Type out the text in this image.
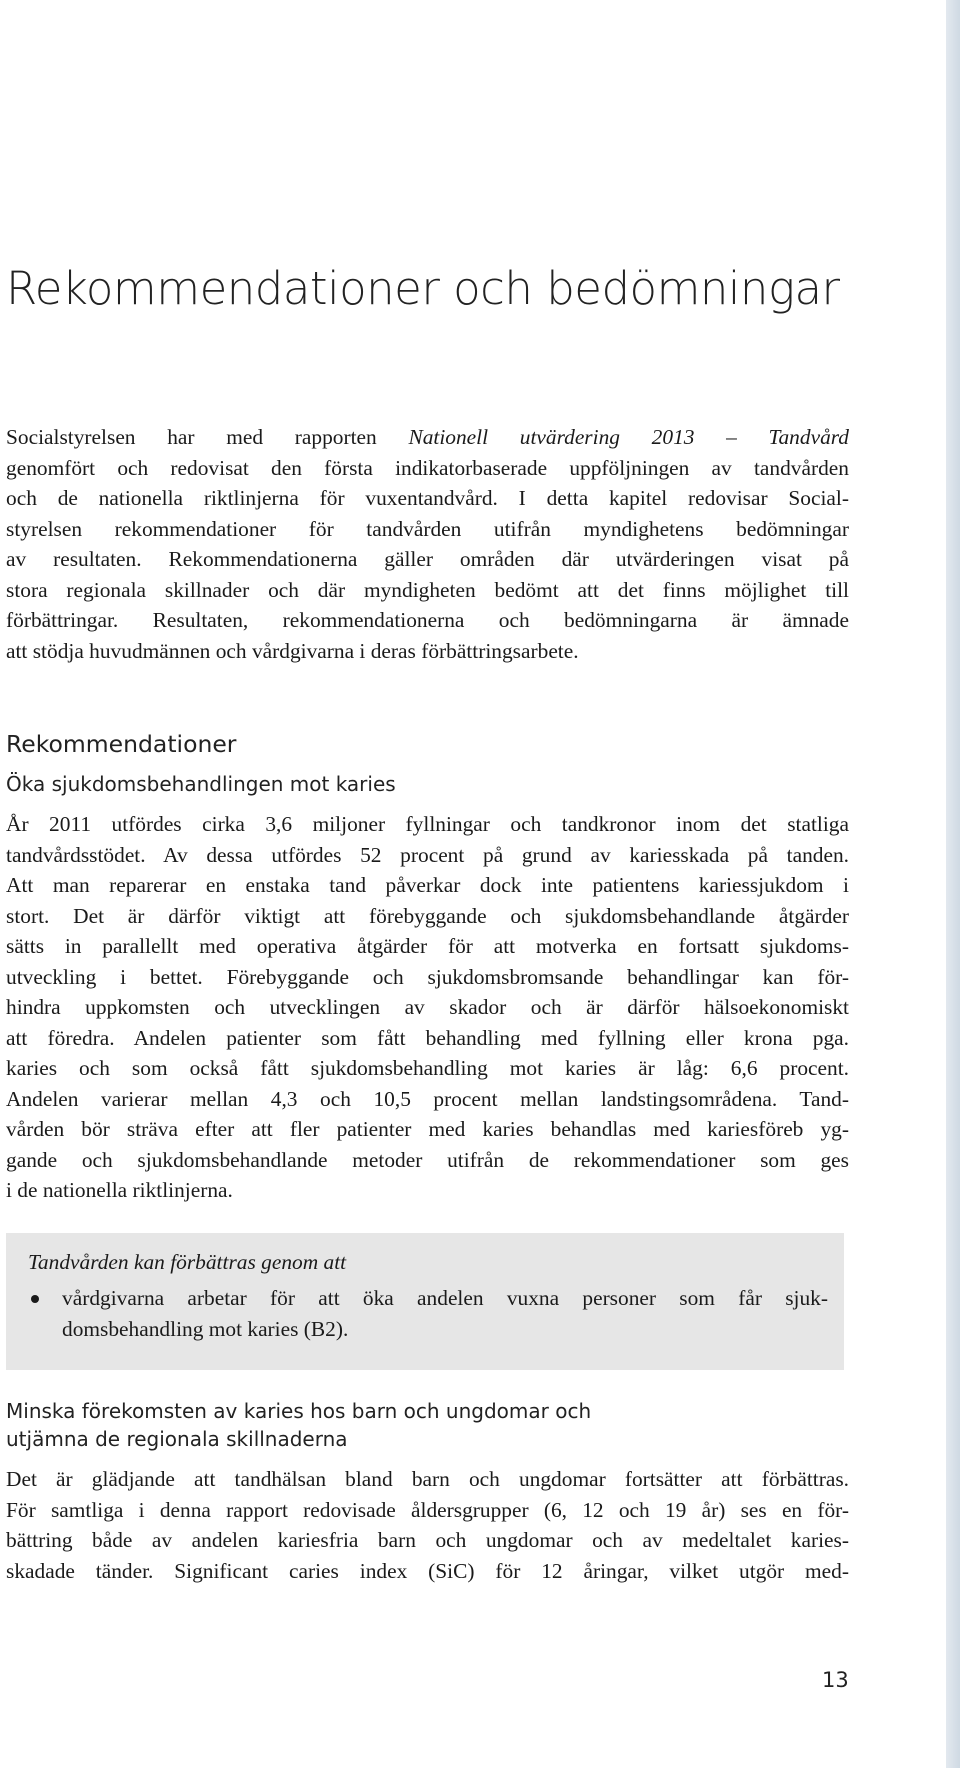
Rekommendationer och bedömningar

Socialstyrelsen har med rapporten Nationell utvärdering 2013 – Tandvård
genomfört och redovisat den första indikatorbaserade uppföljningen av tandvården
och de nationella riktlinjerna för vuxentandvård. I detta kapitel redovisar Social-
styrelsen rekommendationer för tandvården utifrån myndighetens bedömningar
av resultaten. Rekommendationerna gäller områden där utvärderingen visat på
stora regionala skillnader och där myndigheten bedömt att det finns möjlighet till
förbättringar. Resultaten, rekommendationerna och bedömningarna är ämnade
att stödja huvudmännen och vårdgivarna i deras förbättringsarbete.

Rekommendationer
Öka sjukdomsbehandlingen mot karies

År 2011 utfördes cirka 3,6 miljoner fyllningar och tandkronor inom det statliga
tandvårdsstödet. Av dessa utfördes 52 procent på grund av kariesskada på tanden.
Att man reparerar en enstaka tand påverkar dock inte patientens kariessjukdom i
stort. Det är därför viktigt att förebyggande och sjukdomsbehandlande åtgärder
sätts in parallellt med operativa åtgärder för att motverka en fortsatt sjukdoms-
utveckling i bettet. Förebyggande och sjukdomsbromsande behandlingar kan för-
hindra uppkomsten och utvecklingen av skador och är därför hälsoekonomiskt
att föredra. Andelen patienter som fått behandling med fyllning eller krona pga.
karies och som också fått sjukdomsbehandling mot karies är låg: 6,6 procent.
Andelen varierar mellan 4,3 och 10,5 procent mellan landstingsområdena. Tand-
vården bör sträva efter att fler patienter med karies behandlas med kariesföreb yg-
gande och sjukdomsbehandlande metoder utifrån de rekommendationer som ges
i de nationella riktlinjerna.

Tandvården kan förbättras genom att

vårdgivarna arbetar för att öka andelen vuxna personer som får sjuk-
domsbehandling mot karies (B2).
Minska förekomsten av karies hos barn och ungdomar och
utjämna de regionala skillnaderna

Det är glädjande att tandhälsan bland barn och ungdomar fortsätter att förbättras.
För samtliga i denna rapport redovisade åldersgrupper (6, 12 och 19 år) ses en för-
bättring både av andelen kariesfria barn och ungdomar och av medeltalet karies-
skadade tänder. Significant caries index (SiC) för 12 åringar, vilket utgör med-

13
